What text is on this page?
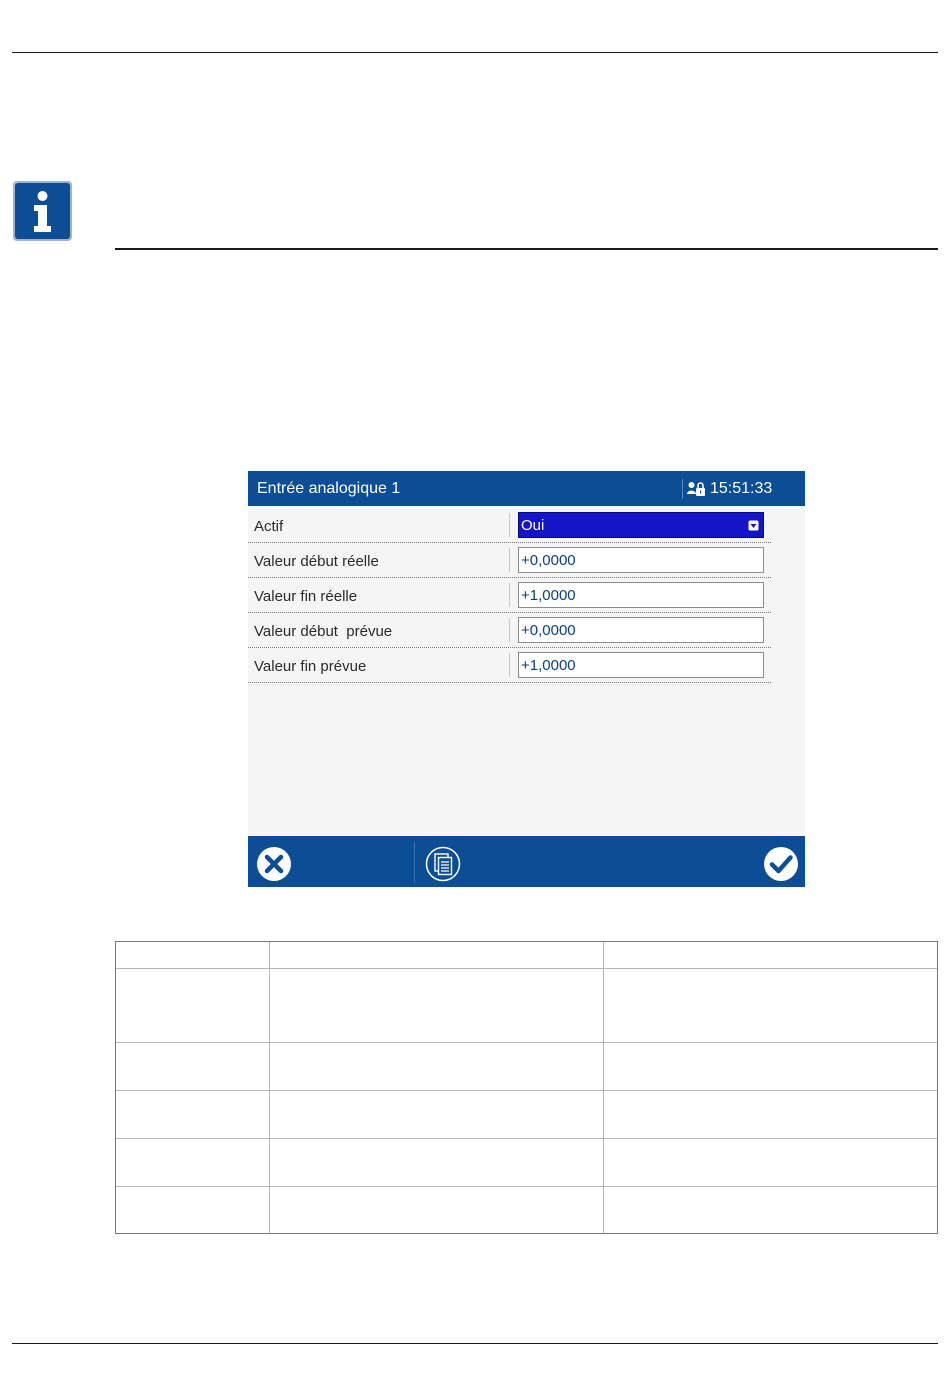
Entrée analogique 1	15:51:33
Actif	Oui
Valeur début réelle	+0,0000
Valeur fin réelle	+1,0000
Valeur début  prévue	+0,0000
Valeur fin prévue	+1,0000
